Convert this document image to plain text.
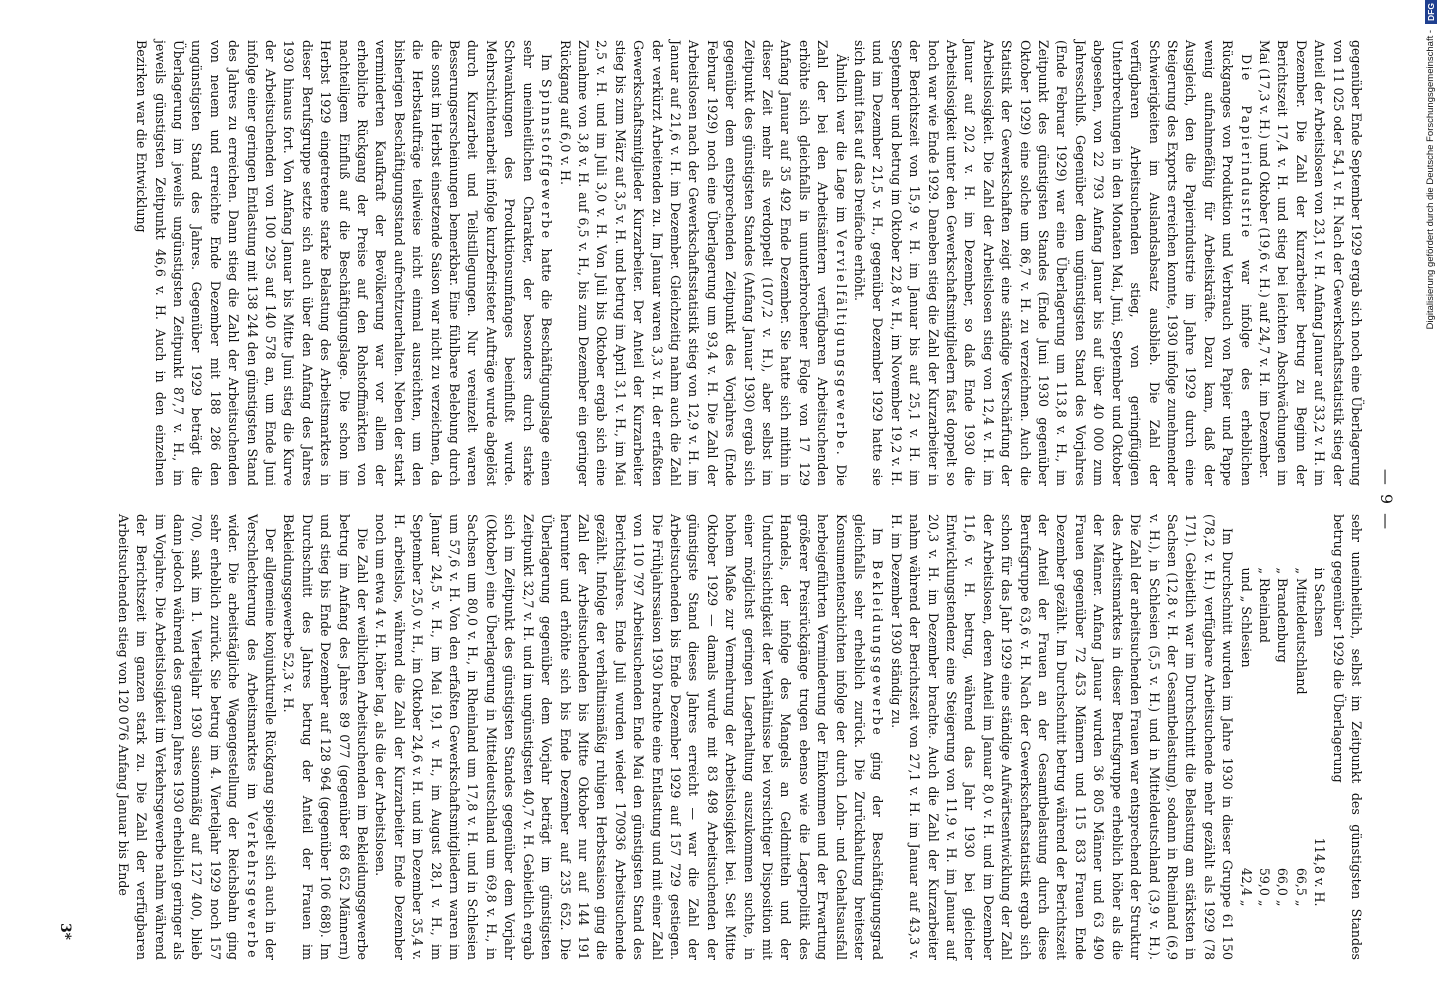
— 9 —

gegenüber Ende September 1929 ergab sich noch eine Überlagerung von 11 025 oder 54,1 v. H. Nach der Gewerkschaftsstatistik stieg der Anteil der Arbeitslosen von 23,1 v. H. Anfang Januar auf 33,2 v. H. im Dezember. Die Zahl der Kurzarbeiter betrug zu Beginn der Berichtszeit 17,4 v. H. und stieg bei leichten Abschwächungen im Mai (17,3 v. H.) und Oktober (19,6 v. H.) auf 24,7 v. H. im Dezember.

Die Papierindustrie war infolge des erheblichen Rückganges von Produktion und Verbrauch von Papier und Pappe wenig aufnahmefähig für Arbeitskräfte. Dazu kam, daß der Ausgleich, den die Papierindustrie im Jahre 1929 durch eine Steigerung des Exports erreichen konnte, 1930 infolge zunehmender Schwierigkeiten im Auslandsabsatz ausblieb. Die Zahl der verfügbaren Arbeitsuchenden stieg, von geringfügigen Unterbrechungen in den Monaten Mai, Juni, September und Oktober abgesehen, von 22 793 Anfang Januar bis auf über 40 000 zum Jahresschluß. Gegenüber dem ungünstigsten Stand des Vorjahres (Ende Februar 1929) war eine Überlagerung um 113,8 v. H., im Zeitpunkt des günstigsten Standes (Ende Juni 1930 gegenüber Oktober 1929) eine solche um 86,7 v. H. zu verzeichnen. Auch die Statistik der Gewerkschaften zeigt eine ständige Verschärfung der Arbeitslosigkeit. Die Zahl der Arbeitslosen stieg von 12,4 v. H. im Januar auf 20,2 v. H. im Dezember, so daß Ende 1930 die Arbeitslosigkeit unter den Gewerkschaftsmitgliedern fast doppelt so hoch war wie Ende 1929. Daneben stieg die Zahl der Kurzarbeiter in der Berichtszeit von 15,9 v. H. im Januar bis auf 25,1 v. H. im September und betrug im Oktober 22,8 v. H., im November 19,2 v. H. und im Dezember 21,5 v. H., gegenüber Dezember 1929 hatte sie sich damit fast auf das Dreifache erhöht.

Ähnlich war die Lage im Vervielfältigungsgewerbe. Die Zahl der bei den Arbeitsämtern verfügbaren Arbeitsuchenden erhöhte sich gleichfalls in ununterbrochener Folge von 17 129 Anfang Januar auf 35 492 Ende Dezember. Sie hatte sich mithin in dieser Zeit mehr als verdoppelt (107,2 v. H.), aber selbst im Zeitpunkt des günstigsten Standes (Anfang Januar 1930) ergab sich gegenüber dem entsprechenden Zeitpunkt des Vorjahres (Ende Februar 1929) noch eine Überlagerung um 93,4 v. H. Die Zahl der Arbeitslosen nach der Gewerkschaftsstatistik stieg von 12,9 v. H. im Januar auf 21,6 v. H. im Dezember. Gleichzeitig nahm auch die Zahl der verkürzt Arbeitenden zu. Im Januar waren 3,3 v. H. der erfaßten Gewerkschaftsmitglieder Kurzarbeiter. Der Anteil der Kurzarbeiter stieg bis zum März auf 3,5 v. H. und betrug im April 3,1 v. H., im Mai 2,5 v. H. und im Juli 3,0 v. H. Von Juli bis Oktober ergab sich eine Zunahme von 3,8 v. H. auf 6,5 v. H., bis zum Dezember ein geringer Rückgang auf 6,0 v. H.

Im Spinnstoffgewerbe hatte die Beschäftigungslage einen sehr uneinheitlichen Charakter, der besonders durch starke Schwankungen des Produktionsumfanges beeinflußt wurde. Mehrschichtenarbeit infolge kurzbefristeter Aufträge wurde abgelöst durch Kurzarbeit und Teilstillegungen. Nur vereinzelt waren Besserungserscheinungen bemerkbar. Eine fühlbare Belebung durch die sonst im Herbst einsetzende Saison war nicht zu verzeichnen, da die Herbstaufträge teilweise nicht einmal ausreichten, um den bisherigen Beschäftigungsstand aufrechtzuerhalten. Neben der stark verminderten Kaufkraft der Bevölkerung war vor allem der erhebliche Rückgang der Preise auf den Rohstoffmärkten von nachteiligem Einfluß auf die Beschäftigungslage. Die schon im Herbst 1929 eingetretene starke Belastung des Arbeitsmarktes in dieser Berufsgruppe setzte sich auch über den Anfang des Jahres 1930 hinaus fort. Von Anfang Januar bis Mitte Juni stieg die Kurve der Arbeitsuchenden von 100 295 auf 140 578 an, um Ende Juni infolge einer geringen Entlastung mit 138 244 den günstigsten Stand des Jahres zu erreichen. Dann stieg die Zahl der Arbeitsuchenden von neuem und erreichte Ende Dezember mit 188 286 den ungünstigsten Stand des Jahres. Gegenüber 1929 beträgt die Überlagerung im jeweils ungünstigsten Zeitpunkt 87,7 v. H., im jeweils günstigsten Zeitpunkt 46,6 v. H. Auch in den einzelnen Bezirken war die Entwicklung

sehr uneinheitlich, selbst im Zeitpunkt des günstigsten Standes betrug gegenüber 1929 die Überlagerung

in Sachsen	114,8 v. H.
„ Mitteldeutschland	66,5 „
„ Brandenburg	66,0 „
„ Rheinland	59,0 „
und „ Schlesien	42,4 „

Im Durchschnitt wurden im Jahre 1930 in dieser Gruppe 61 150 (78,2 v. H.) verfügbare Arbeitsuchende mehr gezählt als 1929 (78 171). Gebietlich war im Durchschnitt die Belastung am stärksten in Sachsen (12,8 v. H. der Gesamtbelastung), sodann in Rheinland (6,9 v. H.), in Schlesien (5,5 v. H.) und in Mitteldeutschland (3,9 v. H.). Die Zahl der arbeitsuchenden Frauen war entsprechend der Struktur des Arbeitsmarktes in dieser Berufsgruppe erheblich höher als die der Männer. Anfang Januar wurden 36 805 Männer und 63 490 Frauen gegenüber 72 453 Männern und 115 833 Frauen Ende Dezember gezählt. Im Durchschnitt betrug während der Berichtszeit der Anteil der Frauen an der Gesamtbelastung durch diese Berufsgruppe 63,6 v. H. Nach der Gewerkschaftsstatistik ergab sich schon für das Jahr 1929 eine ständige Aufwärtsentwicklung der Zahl der Arbeitslosen, deren Anteil im Januar 8,0 v. H. und im Dezember 11,6 v. H. betrug, während das Jahr 1930 bei gleicher Entwicklungstendenz eine Steigerung von 11,9 v. H. im Januar auf 20,3 v. H. im Dezember brachte. Auch die Zahl der Kurzarbeiter nahm während der Berichtszeit von 27,1 v. H. im Januar auf 43,3 v. H. im Dezember 1930 ständig zu.

Im Bekleidungsgewerbe ging der Beschäftigungsgrad gleichfalls sehr erheblich zurück. Die Zurückhaltung breitester Konsumentenschichten infolge der durch Lohn- und Gehaltsausfall herbeigeführten Verminderung der Einkommen und der Erwartung größerer Preisrückgänge trugen ebenso wie die Lagerpolitik des Handels, der infolge des Mangels an Geldmitteln und der Undurchsichtigkeit der Verhältnisse bei vorsichtiger Disposition mit einer möglichst geringen Lagerhaltung auszukommen suchte, in hohem Maße zur Vermehrung der Arbeitslosigkeit bei. Seit Mitte Oktober 1929 — damals wurde mit 83 498 Arbeitsuchenden der günstigste Stand dieses Jahres erreicht — war die Zahl der Arbeitsuchenden bis Ende Dezember 1929 auf 157 729 gestiegen. Die Frühjahrssaison 1930 brachte eine Entlastung und mit einer Zahl von 110 797 Arbeitsuchenden Ende Mai den günstigsten Stand des Berichtsjahres. Ende Juli wurden wieder 170936 Arbeitsuchende gezählt. Infolge der verhältnismäßig ruhigen Herbstsaison ging die Zahl der Arbeitsuchenden bis Mitte Oktober nur auf 144 191 herunter und erhöhte sich bis Ende Dezember auf 235 652. Die Überlagerung gegenüber dem Vorjahr beträgt im günstigsten Zeitpunkt 32,7 v. H. und im ungünstigsten 40,7 v. H. Gebietlich ergab sich im Zeitpunkt des günstigsten Standes gegenüber dem Vorjahr (Oktober) eine Überlagerung in Mitteldeutschland um 69,8 v. H., in Sachsen um 80,0 v. H., in Rheinland um 17,8 v. H. und in Schlesien um 57,6 v. H. Von den erfaßten Gewerkschaftsmitgliedern waren im Januar 24,5 v. H., im Mai 19,1 v. H., im August 28,1 v. H., im September 25,0 v. H., im Oktober 24,6 v. H. und im Dezember 35,4 v. H. arbeitslos, während die Zahl der Kurzarbeiter Ende Dezember noch um etwa 4 v. H. höher lag, als die der Arbeitslosen.

Die Zahl der weiblichen Arbeitsuchenden im Bekleidungsgewerbe betrug im Anfang des Jahres 89 077 (gegenüber 68 652 Männern) und stieg bis Ende Dezember auf 128 964 (gegenüber 106 688). Im Durchschnitt des Jahres betrug der Anteil der Frauen im Bekleidungsgewerbe 52,3 v. H.

Der allgemeine konjunkturelle Rückgang spiegelt sich auch in der Verschlechterung des Arbeitsmarktes im Verkehrsgewerbe wider. Die arbeitstägliche Wagengestellung der Reichsbahn ging sehr erheblich zurück. Sie betrug im 4. Vierteljahr 1929 noch 157 700, sank im 1. Vierteljahr 1930 saisonmäßig auf 127 400, blieb dann jedoch während des ganzen Jahres 1930 erheblich geringer als im Vorjahre. Die Arbeitslosigkeit im Verkehrsgewerbe nahm während der Berichtszeit im ganzen stark zu. Die Zahl der verfügbaren Arbeitsuchenden stieg von 120 076 Anfang Januar bis Ende

3*
Digitalisierung gefördert durch die Deutsche Forschungsgemeinschaft -
DFG
